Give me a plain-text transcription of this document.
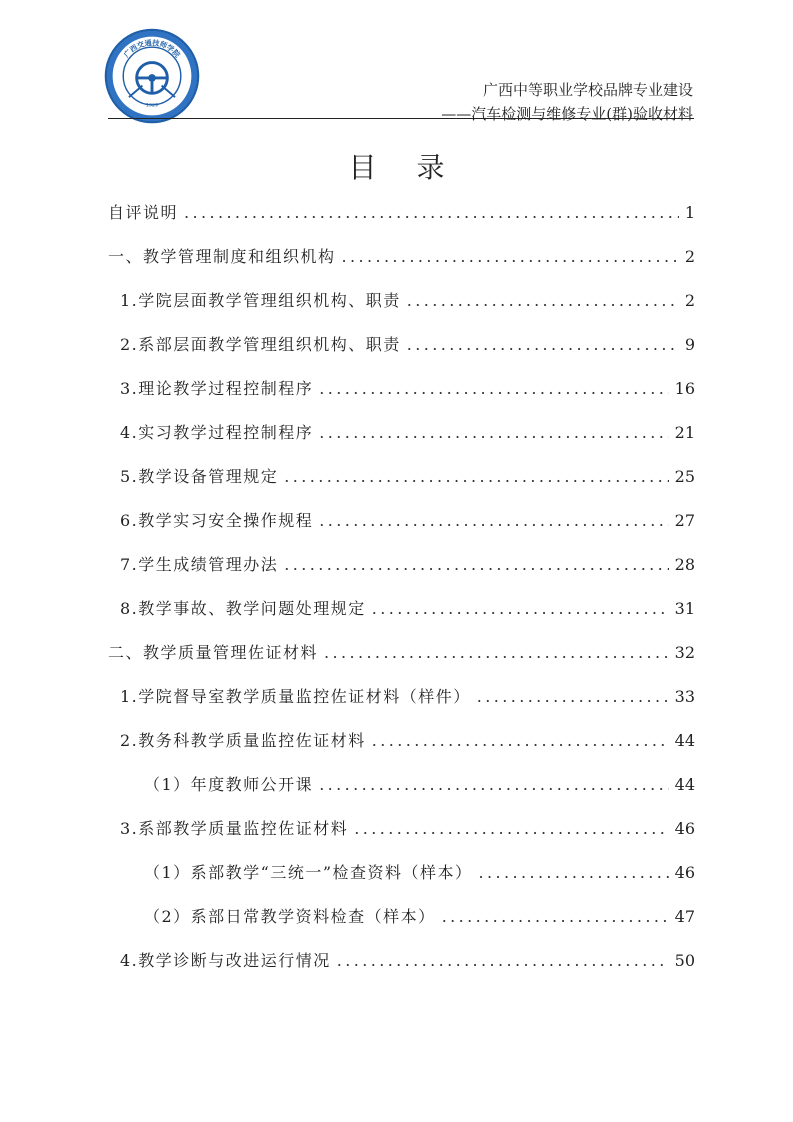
广西交通技师学院
Guangxi Institute of Transportation Technicians
1929
广西中等职业学校品牌专业建设
——汽车检测与维修专业(群)验收材料
目录
自评说明 .....	1
一、教学管理制度和组织机构 .....	2
1.学院层面教学管理组织机构、职责 .....	2
2.系部层面教学管理组织机构、职责 .....	9
3.理论教学过程控制程序 .....	16
4.实习教学过程控制程序 .....	21
5.教学设备管理规定 .....	25
6.教学实习安全操作规程 .....	27
7.学生成绩管理办法 .....	28
8.教学事故、教学问题处理规定 .....	31
二、教学质量管理佐证材料 .....	32
1.学院督导室教学质量监控佐证材料（样件） .....	33
2.教务科教学质量监控佐证材料 .....	44
（1）年度教师公开课 .....	44
3.系部教学质量监控佐证材料 .....	46
（1）系部教学“三统一”检查资料（样本） .....	46
（2）系部日常教学资料检查（样本） .....	47
4.教学诊断与改进运行情况 .....	50
